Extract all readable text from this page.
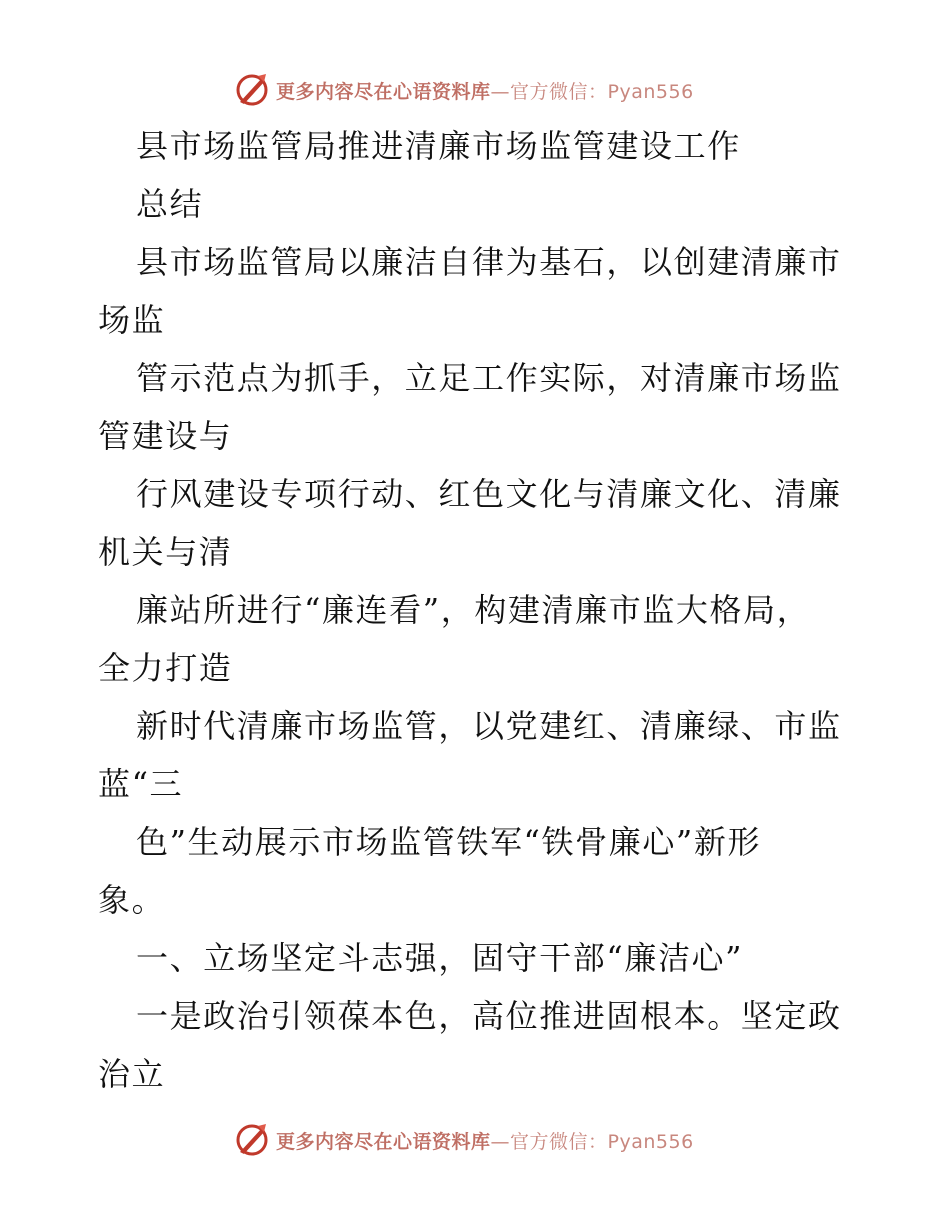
更多内容尽在心语资料库—官方微信：Pyan556
县市场监管局推进清廉市场监管建设工作
总结
县市场监管局以廉洁自律为基石，以创建清廉市
场监
管示范点为抓手，立足工作实际，对清廉市场监
管建设与
行风建设专项行动、红色文化与清廉文化、清廉
机关与清
廉站所进行“廉连看”，构建清廉市监大格局，
全力打造
新时代清廉市场监管，以党建红、清廉绿、市监
蓝“三
色”生动展示市场监管铁军“铁骨廉心”新形
象。
一、立场坚定斗志强，固守干部“廉洁心”
一是政治引领葆本色，高位推进固根本。坚定政
治立
更多内容尽在心语资料库—官方微信：Pyan556
